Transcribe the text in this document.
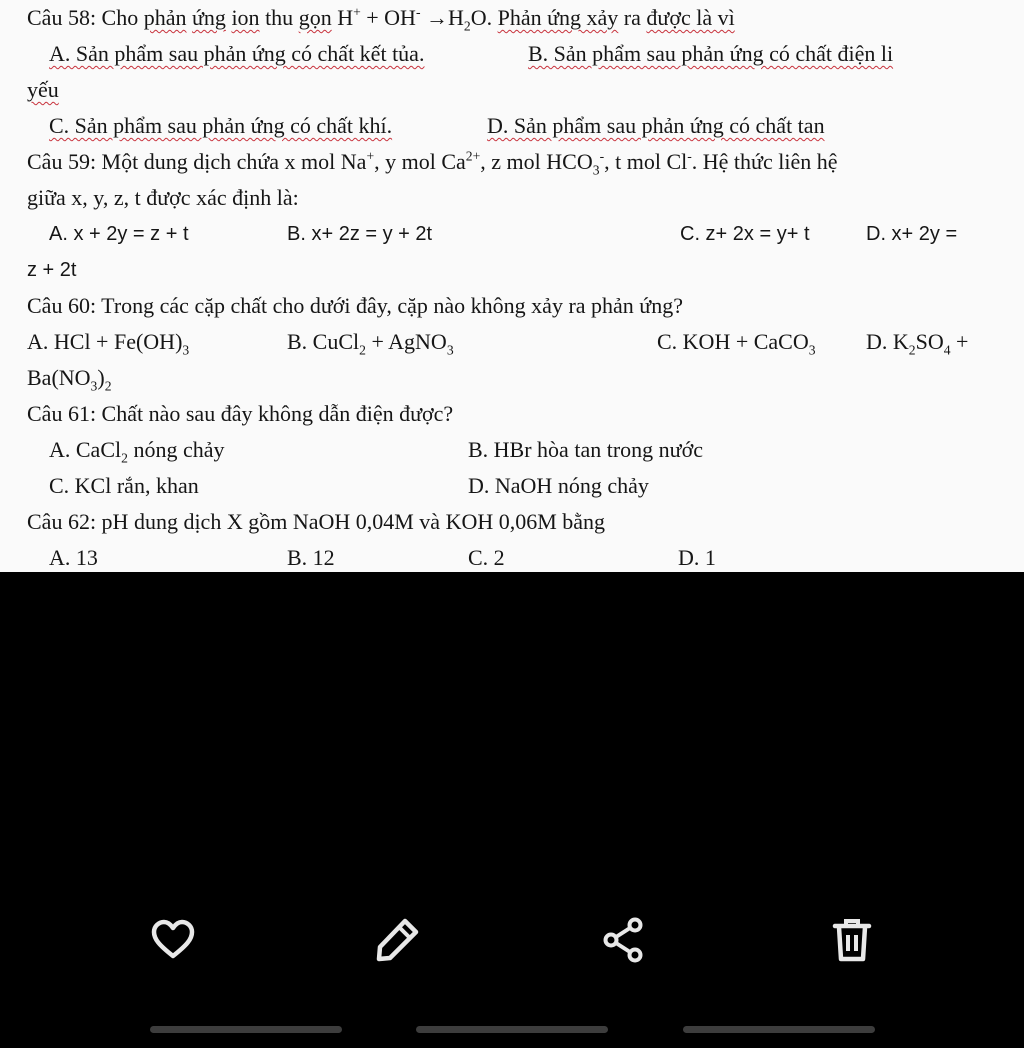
Câu 58: Cho phản ứng ion thu gọn $H^+ + OH^- \to H_2O$. Phản ứng xảy ra được là vì
A. Sản phẩm sau phản ứng có chất kết tủa.	B. Sản phẩm sau phản ứng có chất điện li
yếu
C. Sản phẩm sau phản ứng có chất khí.	D. Sản phẩm sau phản ứng có chất tan
Câu 59: Một dung dịch chứa x mol Na+, y mol $Ca^{2+}$, z mol $HCO_3^-$, t mol Cl-. Hệ thức liên hệ
giữa x, y, z, t được xác định là:
A. x + 2y = z + t	B. x+ 2z = y + 2t	C. z+ 2x = y+ t	D. x+ 2y =
z + 2t
Câu 60: Trong các cặp chất cho dưới đây, cặp nào không xảy ra phản ứng?
A. HCl + $Fe(OH)_3$	B. CuCl$_2$ + AgNO$_3$	C. KOH + CaCO$_3$ D. $K_2SO_4$ +
$Ba(NO_3)_2$
Câu 61: Chất nào sau đây không dẫn điện được?
A. CaCl$_2$ nóng chảy	B. HBr hòa tan trong nước
C. KCl rắn, khan	D. NaOH nóng chảy
Câu 62: pH dung dịch X gồm NaOH 0,04M và KOH 0,06M bằng
A. 13	B. 12	C. 2	D. 1
